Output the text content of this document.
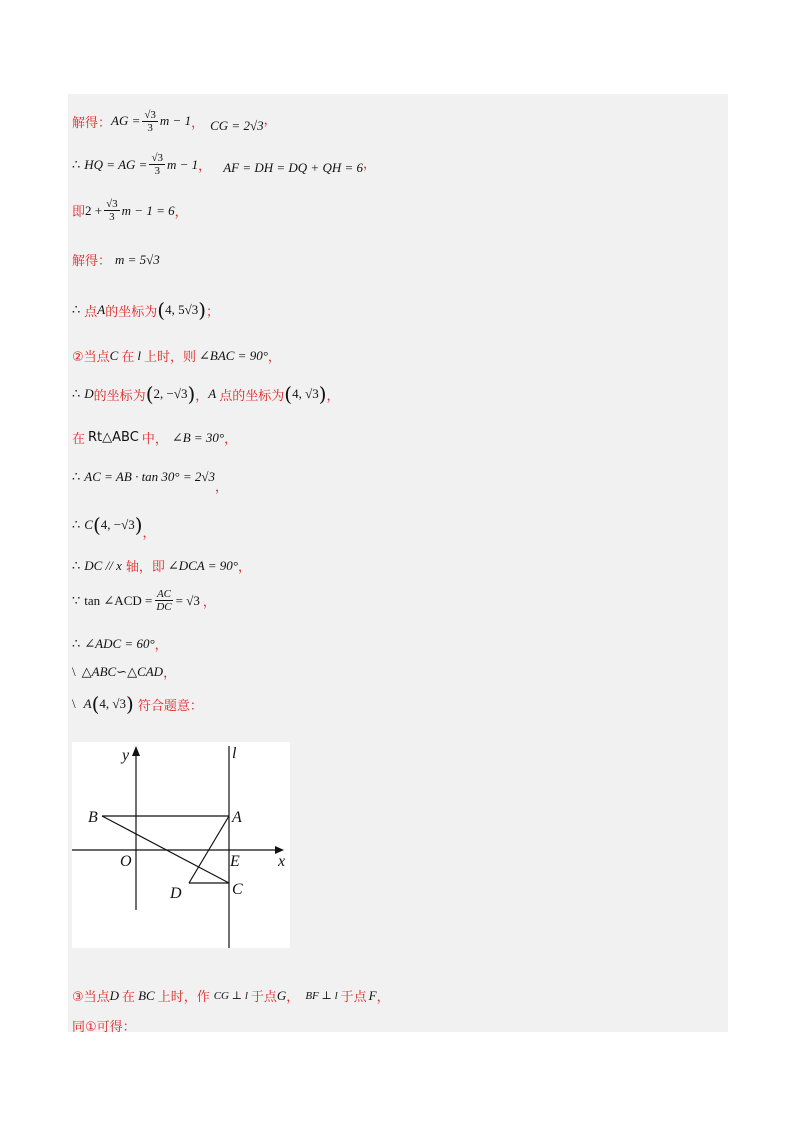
解得： AG = $\frac{√3}{3}$ m − 1 ， CG = 2√3 ，
∴ HQ = AG = $\frac{√3}{3}$ m − 1 ， AF = DH = DQ + QH = 6 ，
即 $2 + \frac{√3}{3}$ m − 1 = 6 ，
解得： m = 5√3
∴ 点 A 的坐标为 ( 4, 5√3 ) ；
②当点 C 在 l 上时，则 ∠BAC = 90° ，
∴ D 的坐标为 ( 2, −√3 ) ， A 点的坐标为 ( 4, √3 ) ，
在 Rt△ABC 中， ∠B = 30° ，
∴ AC = AB · tan 30° = 2√3
，
∴ C ( 4, −√3 ) ，
∴ DC // x 轴，即 ∠DCA = 90° ，
∵ tan ∠ACD = $\frac{AC}{DC} = √3$ ，
∴ ∠ADC = 60° ，
\ △ABC∽△CAD ，
\ A ( 4, √3 ) 符合题意：
y	l
B	A
O	E x
D	C
③当点 D 在 BC 上时，作 CG ⊥ l 于点 G ， BF ⊥ l 于点 F ，
同①可得：
